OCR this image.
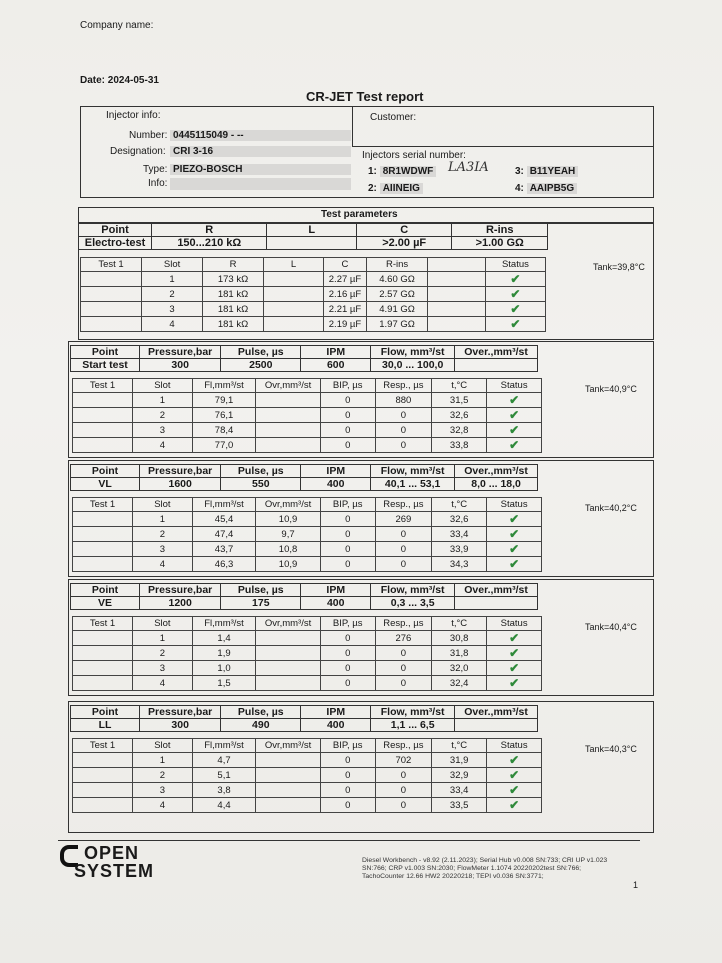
Company name:
Date: 2024-05-31
CR-JET Test report
Injector info:	Customer:
Number: 0445115049 - --
Designation: CRI 3-16
Type: PIEZO-BOSCH
Info:
Injectors serial number:
1: 8R1WDWF LA3IA	3: B11YEAH
2: AIINEIG	4: AAIPB5G
Test parameters
Point	R	L	C	R-ins
Electro-test	150...210 kΩ		>2.00 µF	>1.00 GΩ
Test 1	Slot	R	L	C	R-ins		Status
	1	173 kΩ		2.27 µF	4.60 GΩ		✔
	2	181 kΩ		2.16 µF	2.57 GΩ		✔
	3	181 kΩ		2.21 µF	4.91 GΩ		✔
	4	181 kΩ		2.19 µF	1.97 GΩ		✔
Tank=39,8°C
Point	Pressure,bar	Pulse, µs	IPM	Flow, mm³/st	Over.,mm³/st
Start test	300	2500	600	30,0 ... 100,0	
Test 1	Slot	Fl,mm³/st	Ovr,mm³/st	BIP, µs	Resp., µs	t,°C	Status
	1	79,1		0	880	31,5	✔
	2	76,1		0	0	32,6	✔
	3	78,4		0	0	32,8	✔
	4	77,0		0	0	33,8	✔
Tank=40,9°C
Point	Pressure,bar	Pulse, µs	IPM	Flow, mm³/st	Over.,mm³/st
VL	1600	550	400	40,1 ... 53,1	8,0 ... 18,0
Test 1	Slot	Fl,mm³/st	Ovr,mm³/st	BIP, µs	Resp., µs	t,°C	Status
	1	45,4	10,9	0	269	32,6	✔
	2	47,4	9,7	0	0	33,4	✔
	3	43,7	10,8	0	0	33,9	✔
	4	46,3	10,9	0	0	34,3	✔
Tank=40,2°C
Point	Pressure,bar	Pulse, µs	IPM	Flow, mm³/st	Over.,mm³/st
VE	1200	175	400	0,3 ... 3,5	
Test 1	Slot	Fl,mm³/st	Ovr,mm³/st	BIP, µs	Resp., µs	t,°C	Status
	1	1,4		0	276	30,8	✔
	2	1,9		0	0	31,8	✔
	3	1,0		0	0	32,0	✔
	4	1,5		0	0	32,4	✔
Tank=40,4°C
Point	Pressure,bar	Pulse, µs	IPM	Flow, mm³/st	Over.,mm³/st
LL	300	490	400	1,1 ... 6,5	
Test 1	Slot	Fl,mm³/st	Ovr,mm³/st	BIP, µs	Resp., µs	t,°C	Status
	1	4,7		0	702	31,9	✔
	2	5,1		0	0	32,9	✔
	3	3,8		0	0	33,4	✔
	4	4,4		0	0	33,5	✔
Tank=40,3°C
OPEN
SYSTEM
Diesel Workbench - v8.92 (2.11.2023); Serial Hub v0.008 SN:733; CRI UP v1.023
SN:766; CRP v1.003 SN:2030; FlowMeter 1.1074 20220202test SN:766;
TachoCounter 12.66 HW2 20220218; TEPI v0.036 SN:3771;
1
